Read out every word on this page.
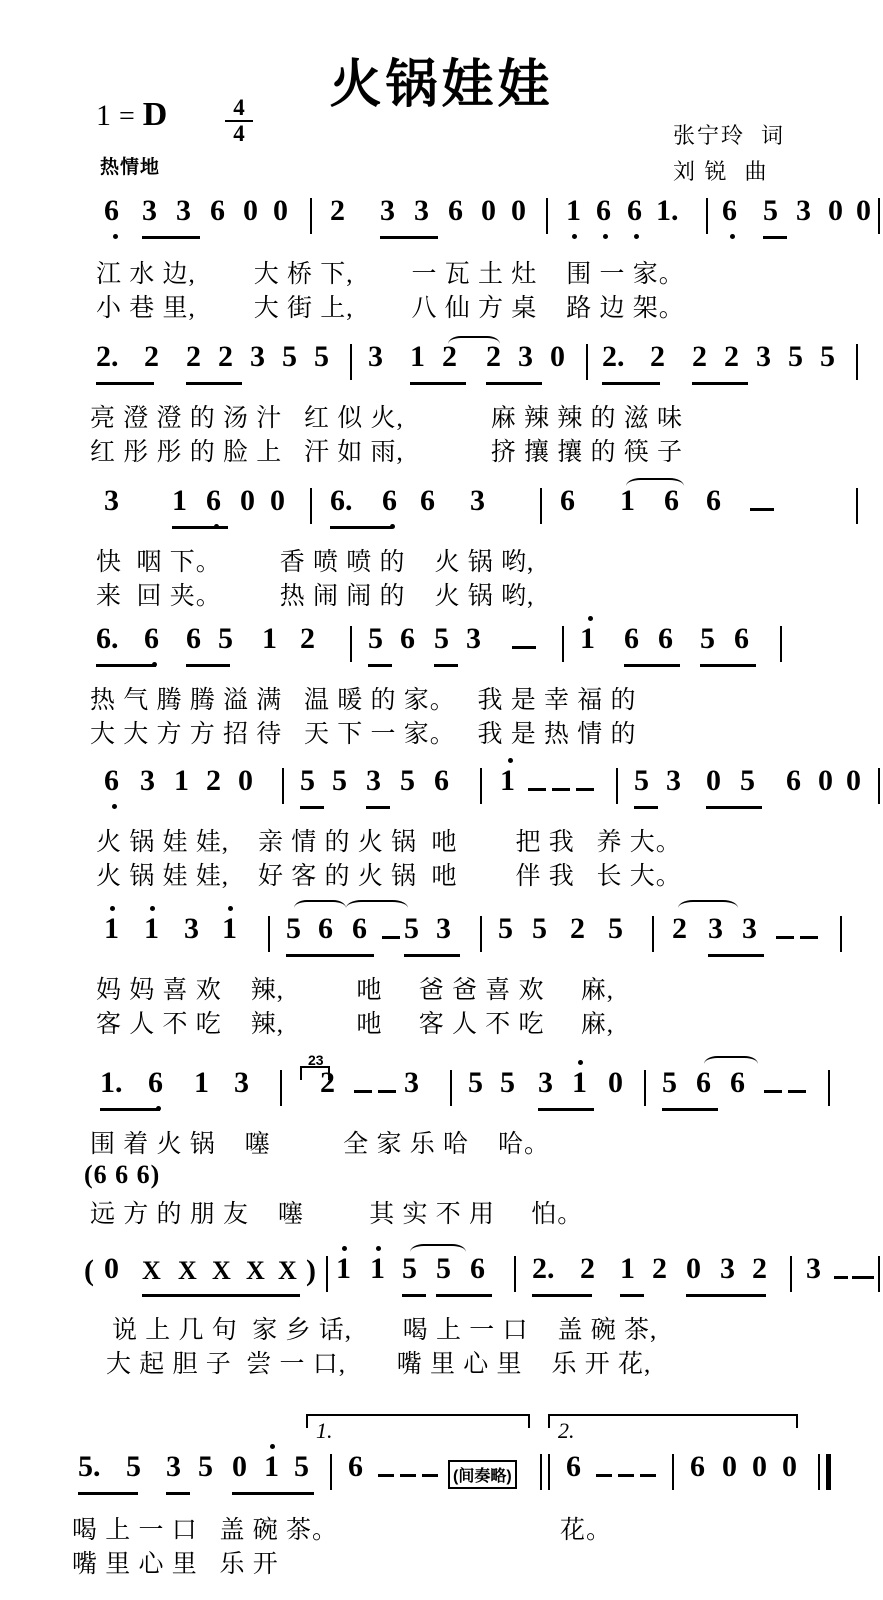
火锅娃娃
1 = D	$\frac{4}{4}$
热情地
张宁玲 词
刘 锐 曲
6 3 3 6 0 0 2 3 3 6 0 0 1 6 6 1. 6 5 3 0 0
江 水 边,        大 桥 下,        一 瓦 土 灶    围 一 家。
小 巷 里,        大 街 上,        八 仙 方 桌    路 边 架。
2. 2 2 2 3 5 5 3 1 2 2 3 0 2. 2 2 2 3 5 5
亮 澄 澄 的 汤 汁   红 似 火,            麻 辣 辣 的 滋 味
红 彤 彤 的 脸 上   汗 如 雨,            挤 攘 攘 的 筷 子
3 1 6 0 0 6. 6 6 3	6 1 6 6
快  咽 下。        香 喷 喷 的    火 锅 哟,
来  回 夹。        热 闹 闹 的    火 锅 哟,
6. 6 6 5 1 2 5 6 5 3	1 6 6 5 6
热 气 腾 腾 溢 满   温 暖 的 家。   我 是 幸 福 的
大 大 方 方 招 待   天 下 一 家。   我 是 热 情 的
6 3 1 2 0 5 5 3 5 6 1	5 3 0 5 6 0 0
火 锅 娃 娃,    亲 情 的 火 锅  吔        把 我   养 大。
火 锅 娃 娃,    好 客 的 火 锅  吔        伴 我   长 大。
1 1 3 1 5 6 6 5 3 5 5 2 5 2 3 3
妈 妈 喜 欢    辣,          吔     爸 爸 喜 欢     麻,
客 人 不 吃    辣,          吔     客 人 不 吃     麻,
1. 6 1 3
23
2 3 5 5 3 1 0 5 6 6
围 着 火 锅    噻          全 家 乐 哈    哈。
(6 6 6)
远 方 的 朋 友    噻         其 实 不 用     怕。
( 0 X X X X X ) 1 1 5 5 6 2. 2 1 2 0 3 2 3
说 上 几 句  家 乡 话,       喝 上 一 口    盖 碗 茶,
大 起 胆 子  尝 一 口,       嘴 里 心 里    乐 开 花,
1.	2.
5. 5 3 5 0 1 5 6	(间奏略) 6	6 0 0 0
喝 上 一 口   盖 碗 茶。	花。
嘴 里 心 里   乐 开
